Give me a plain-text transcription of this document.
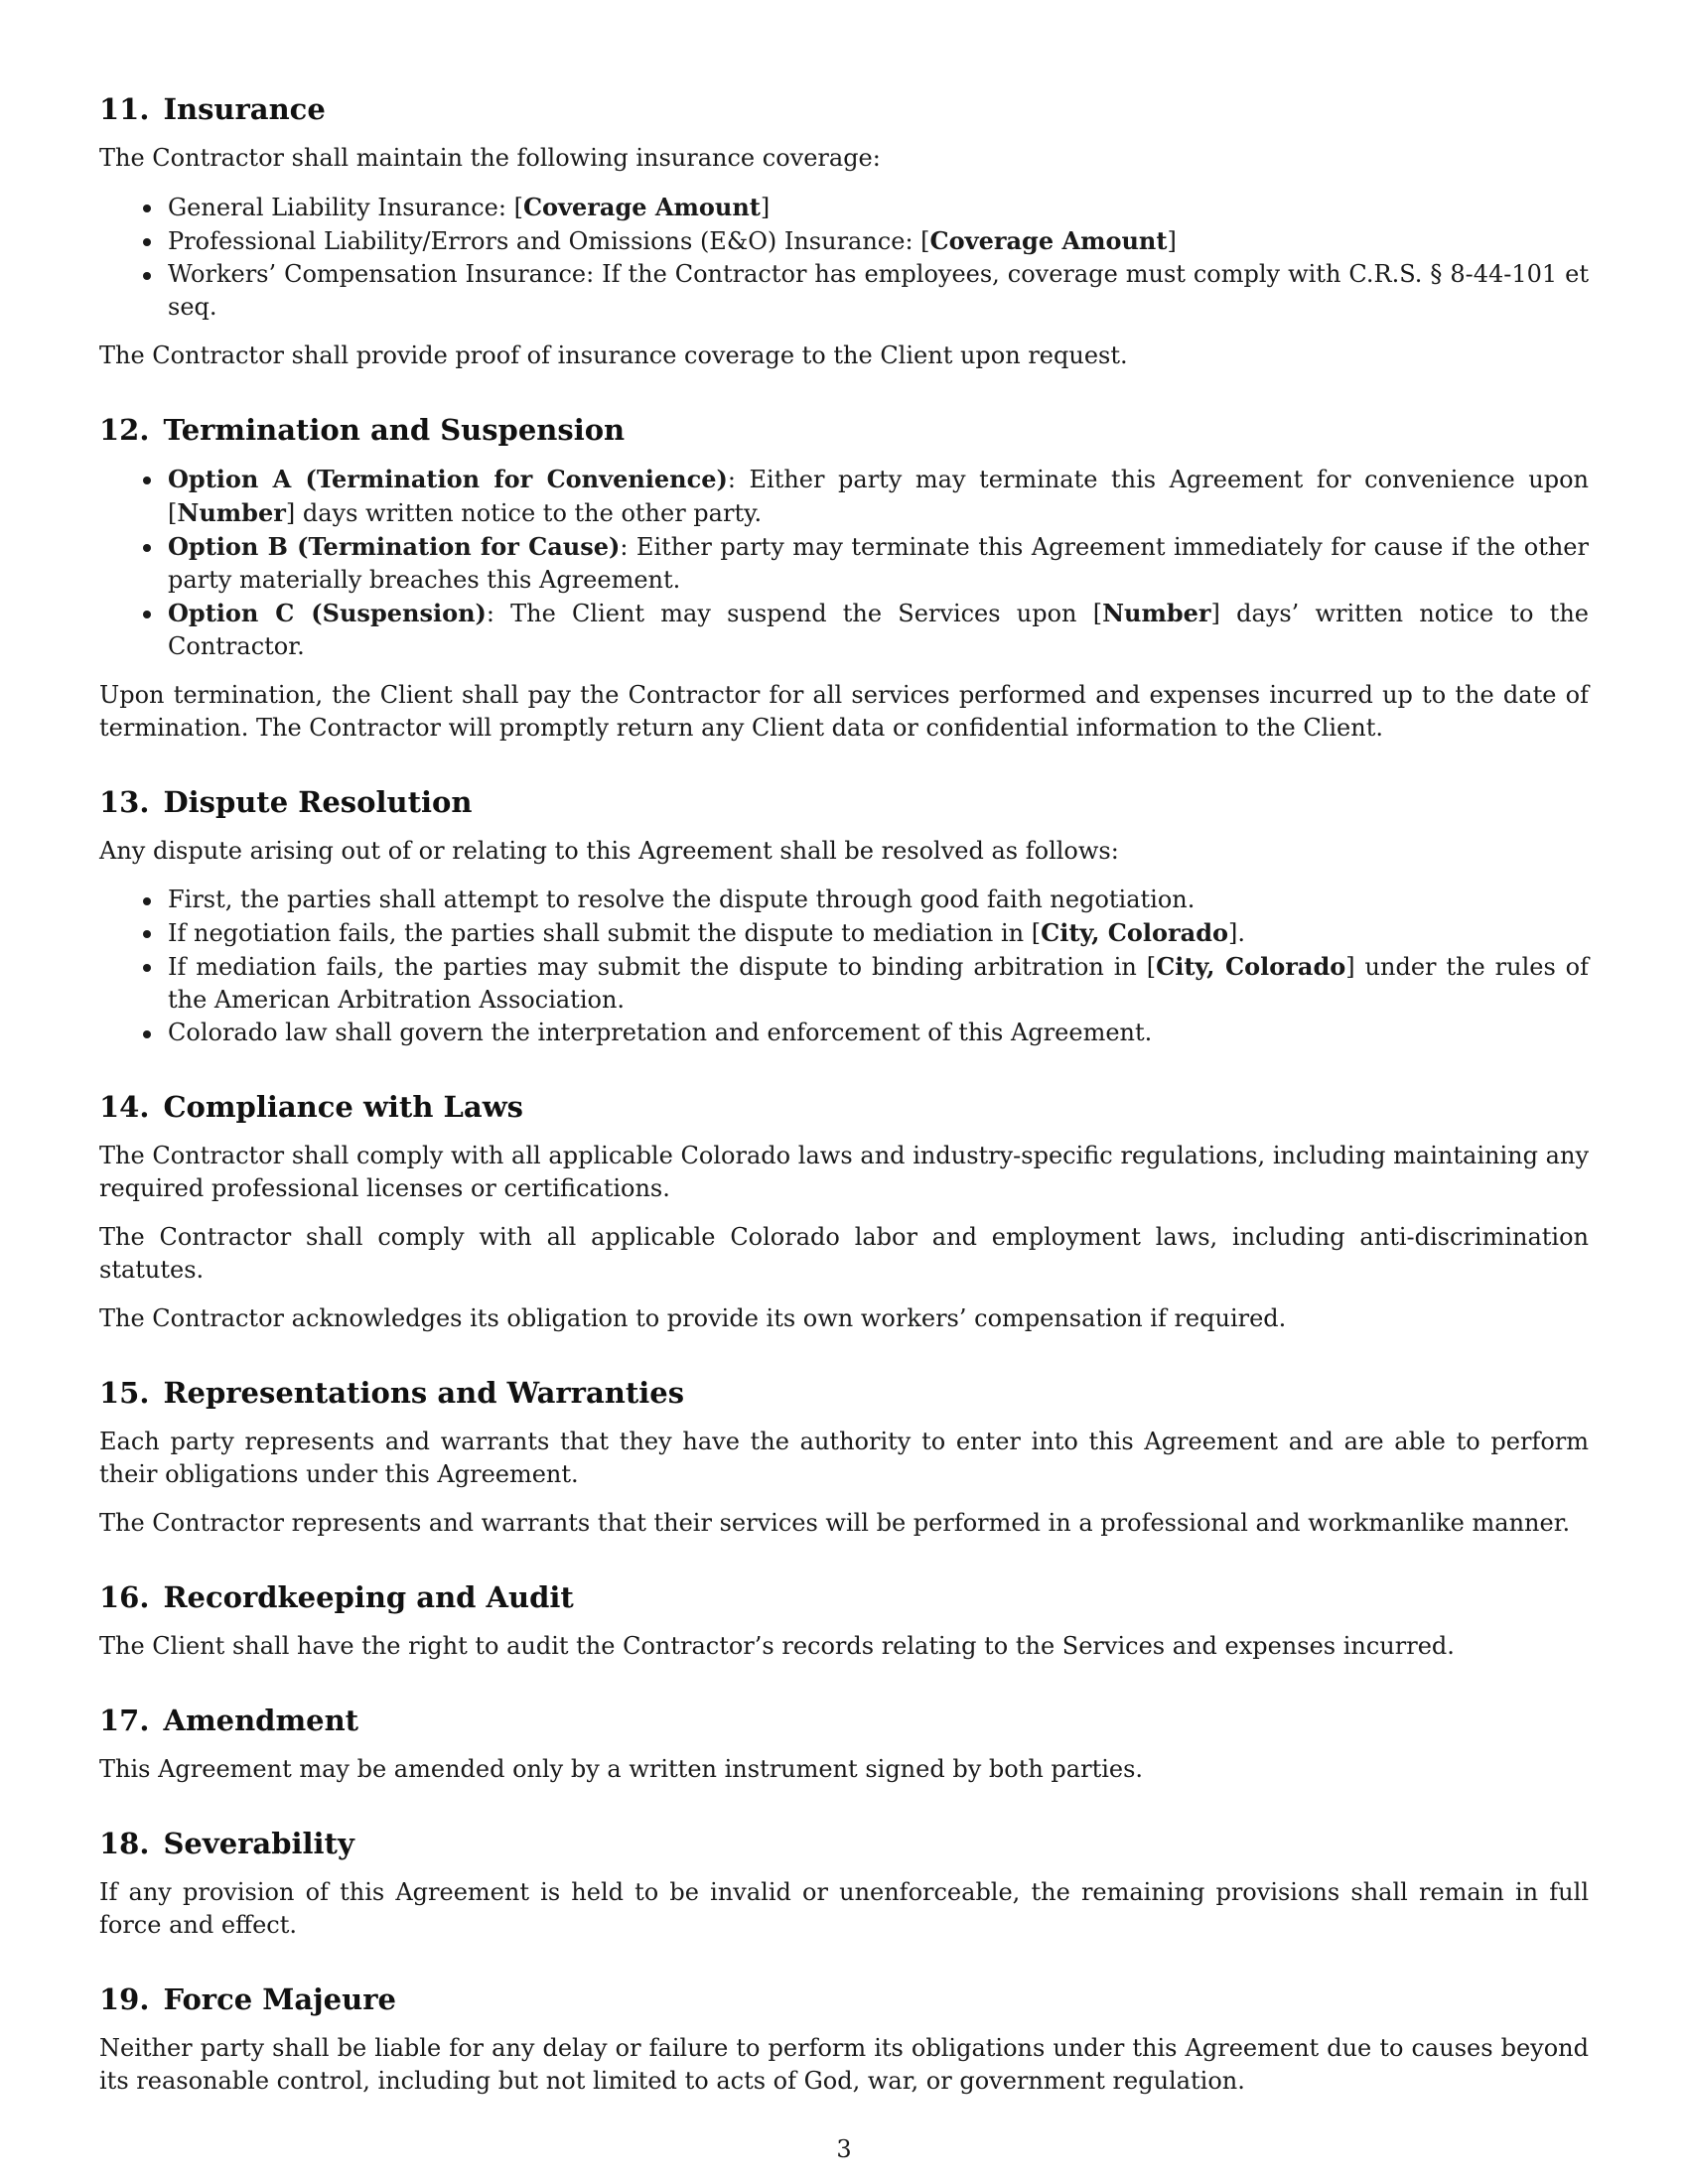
11. Insurance

The Contractor shall maintain the following insurance coverage:

General Liability Insurance: [Coverage Amount]
Professional Liability/Errors and Omissions (E&O) Insurance: [Coverage Amount]
Workers’ Compensation Insurance: If the Contractor has employees, coverage must comply with C.R.S. § 8-44-101 et seq.

The Contractor shall provide proof of insurance coverage to the Client upon request.

12. Termination and Suspension
Option A (Termination for Convenience): Either party may terminate this Agreement for convenience upon [Number] days written notice to the other party.
Option B (Termination for Cause): Either party may terminate this Agreement immediately for cause if the other party materially breaches this Agreement.
Option C (Suspension): The Client may suspend the Services upon [Number] days’ written notice to the Contractor.

Upon termination, the Client shall pay the Contractor for all services performed and expenses incurred up to the date of termination. The Contractor will promptly return any Client data or confidential information to the Client.

13. Dispute Resolution

Any dispute arising out of or relating to this Agreement shall be resolved as follows:

First, the parties shall attempt to resolve the dispute through good faith negotiation.
If negotiation fails, the parties shall submit the dispute to mediation in [City, Colorado].
If mediation fails, the parties may submit the dispute to binding arbitration in [City, Colorado] under the rules of the American Arbitration Association.
Colorado law shall govern the interpretation and enforcement of this Agreement.
14. Compliance with Laws

The Contractor shall comply with all applicable Colorado laws and industry-specific regulations, including maintaining any required professional licenses or certifications.

The Contractor shall comply with all applicable Colorado labor and employment laws, including anti-discrimination statutes.

The Contractor acknowledges its obligation to provide its own workers’ compensation if required.

15. Representations and Warranties

Each party represents and warrants that they have the authority to enter into this Agreement and are able to perform their obligations under this Agreement.

The Contractor represents and warrants that their services will be performed in a professional and workmanlike manner.

16. Recordkeeping and Audit

The Client shall have the right to audit the Contractor’s records relating to the Services and expenses incurred.

17. Amendment

This Agreement may be amended only by a written instrument signed by both parties.

18. Severability

If any provision of this Agreement is held to be invalid or unenforceable, the remaining provisions shall remain in full force and effect.

19. Force Majeure

Neither party shall be liable for any delay or failure to perform its obligations under this Agreement due to causes beyond its reasonable control, including but not limited to acts of God, war, or government regulation.

3
